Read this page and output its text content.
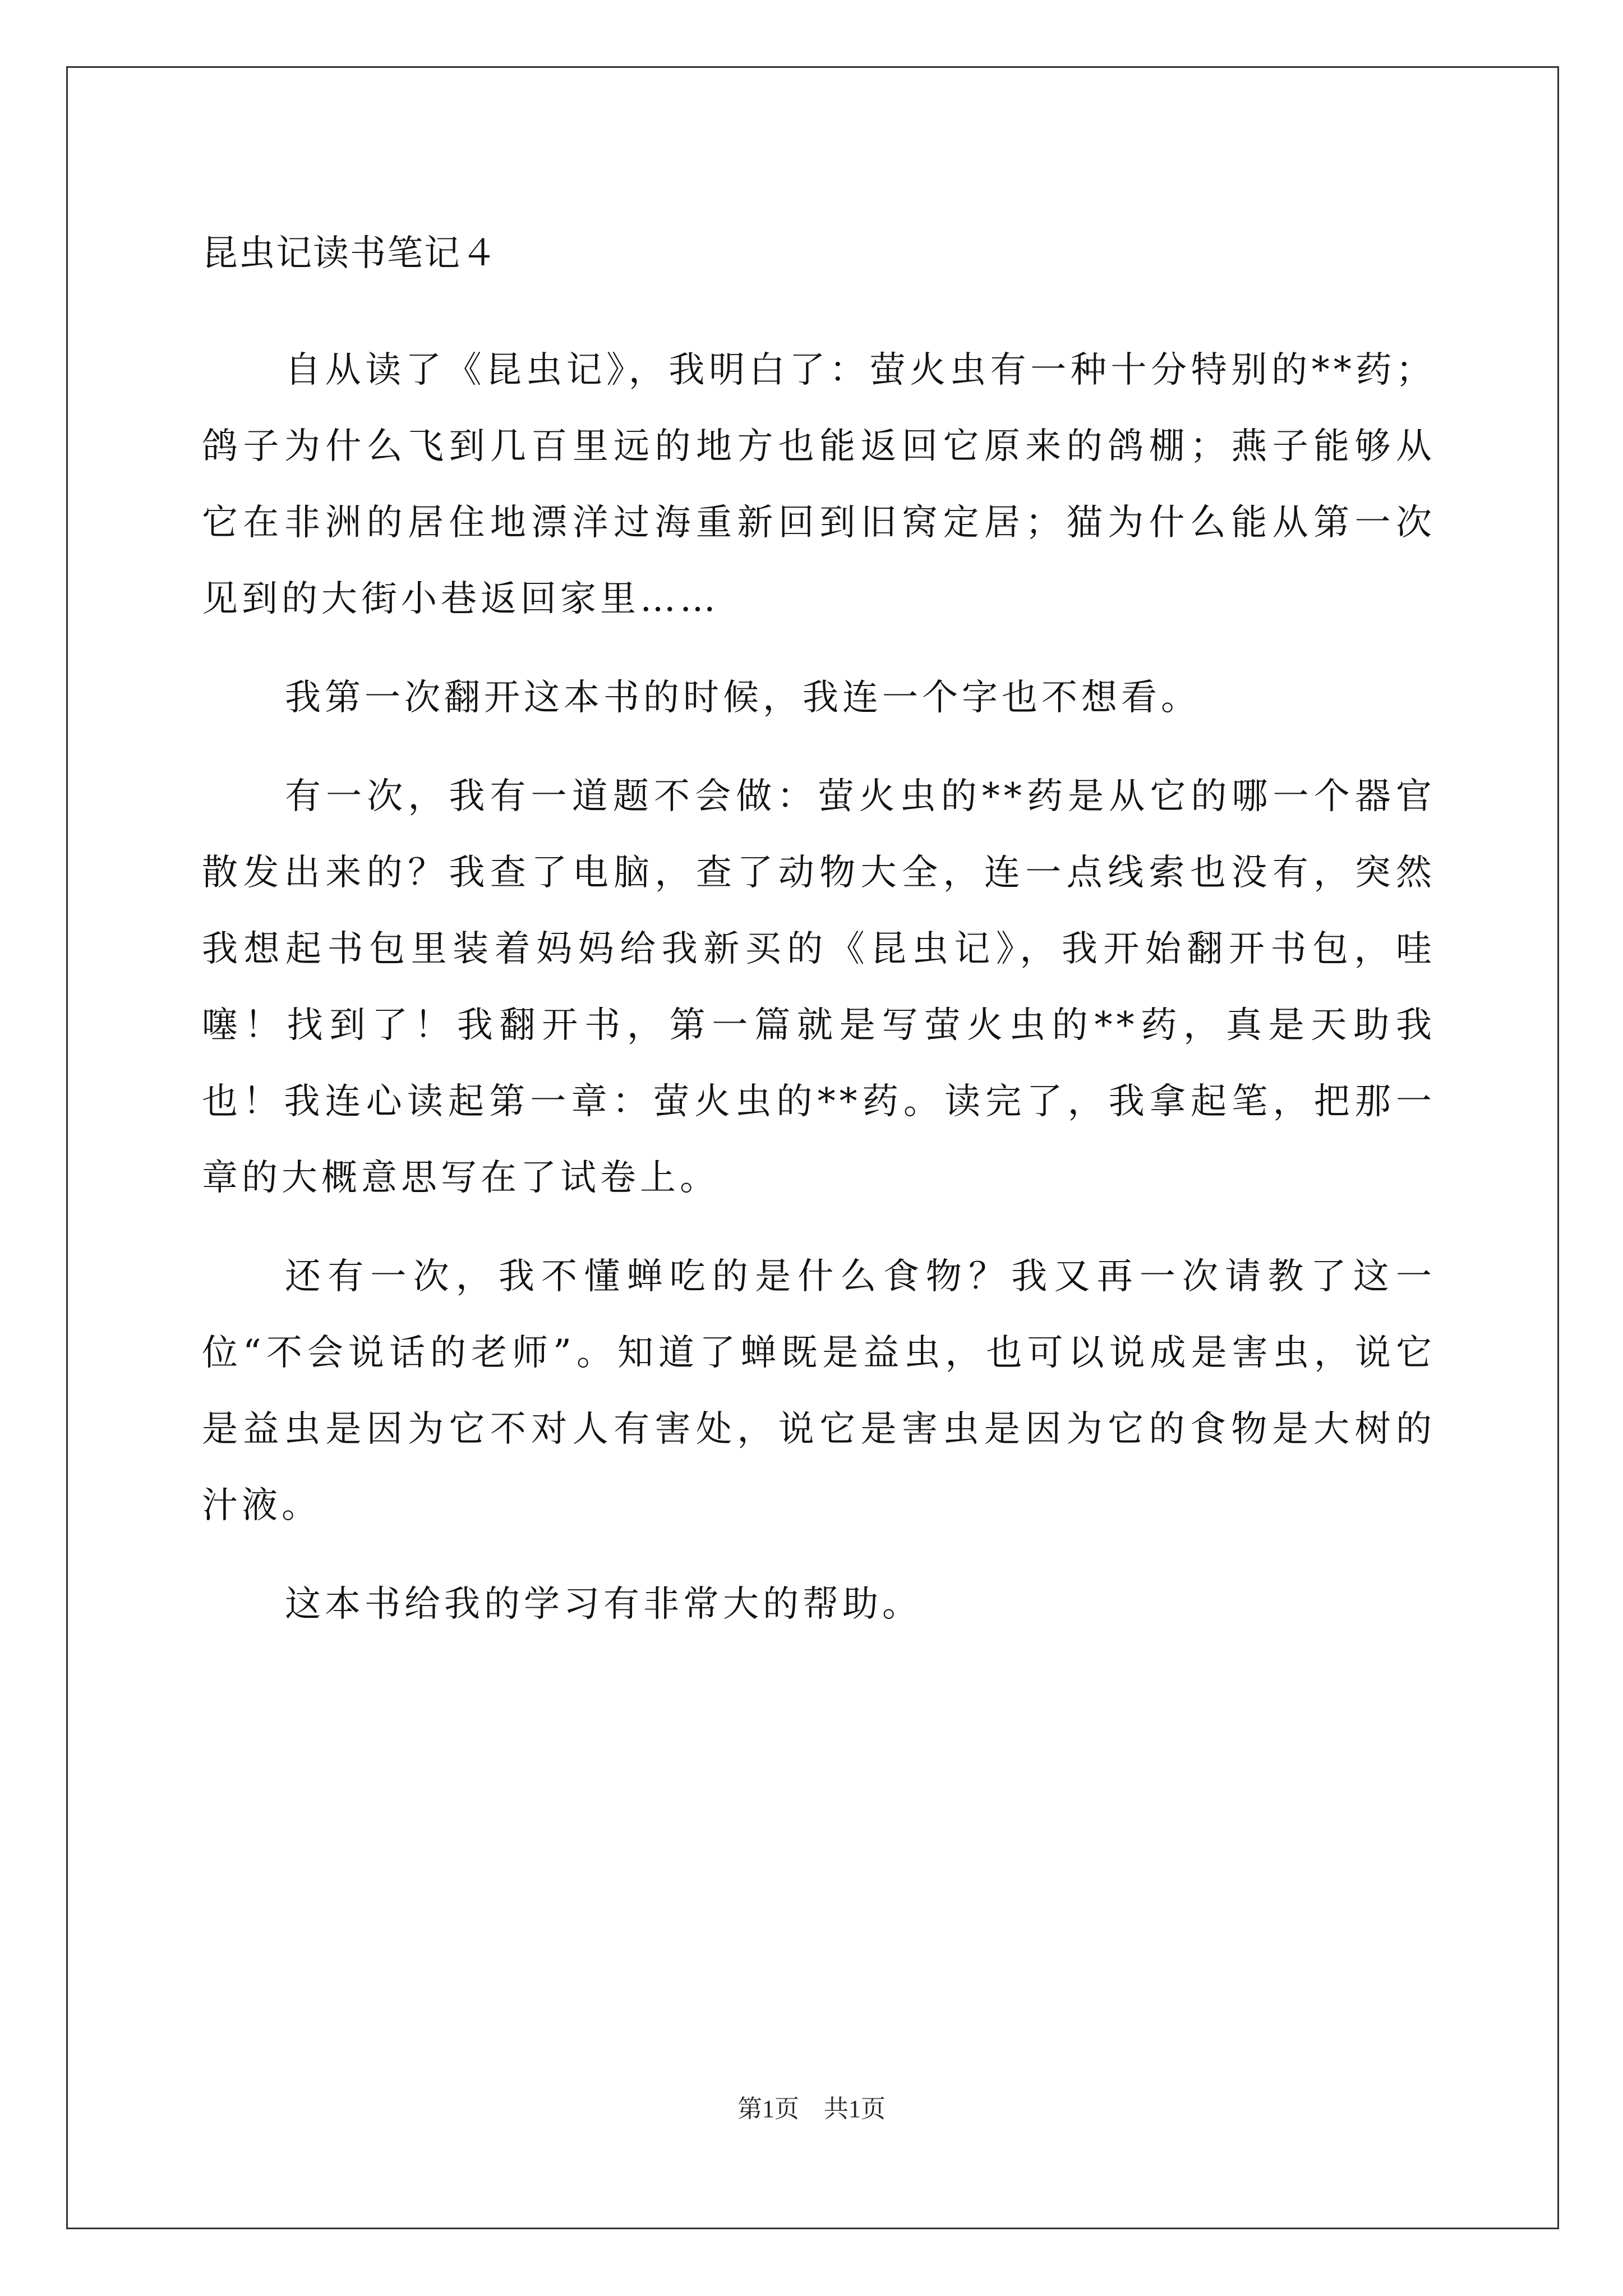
昆虫记读书笔记４

自从读了《昆虫记》，我明白了：萤火虫有一种十分特别的**药；鸽子为什么飞到几百里远的地方也能返回它原来的鸽棚；燕子能够从它在非洲的居住地漂洋过海重新回到旧窝定居；猫为什么能从第一次见到的大街小巷返回家里……

我第一次翻开这本书的时候，我连一个字也不想看。

有一次，我有一道题不会做：萤火虫的**药是从它的哪一个器官散发出来的？我查了电脑，查了动物大全，连一点线索也没有，突然我想起书包里装着妈妈给我新买的《昆虫记》，我开始翻开书包，哇噻！找到了！我翻开书，第一篇就是写萤火虫的**药，真是天助我也！我连心读起第一章：萤火虫的**药。读完了，我拿起笔，把那一章的大概意思写在了试卷上。

还有一次，我不懂蝉吃的是什么食物？我又再一次请教了这一位“不会说话的老师”。知道了蝉既是益虫，也可以说成是害虫，说它是益虫是因为它不对人有害处，说它是害虫是因为它的食物是大树的汁液。

这本书给我的学习有非常大的帮助。

第1页　共1页
